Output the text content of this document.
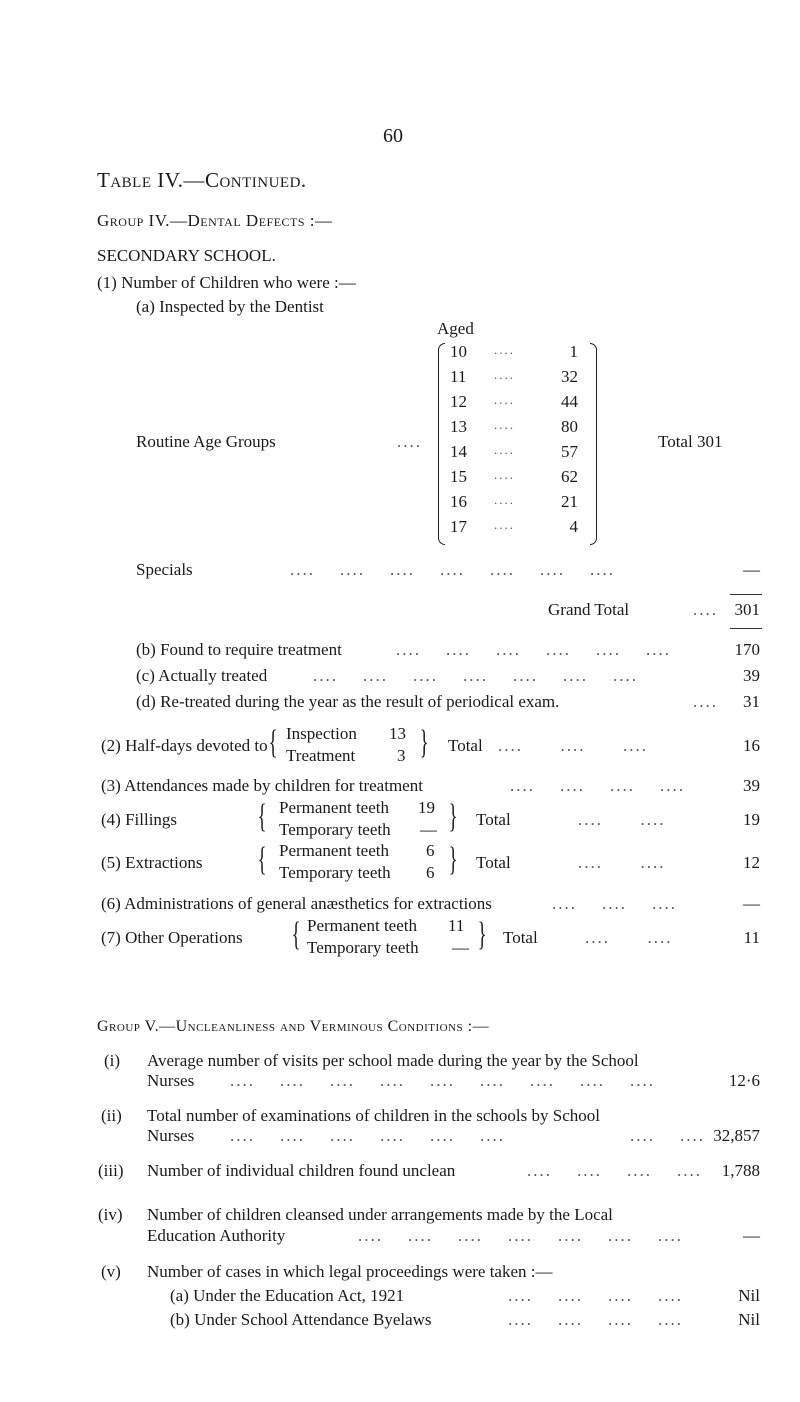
60
Table IV.—Continued.
Group IV.—Dental Defects :—
SECONDARY SCHOOL.
(1) Number of Children who were :—
(a) Inspected by the Dentist
Aged
10 ....	1
11 ....	32
12 ....	44
13 ....	80
14 ....	57
15 ....	62
16 ....	21
17 ....	4
Routine Age Groups	....	Total 301
Specials	....    ....    ....    ....    ....    ....    ....	—
Grand Total	.... 301
(b) Found to require treatment	....    ....    ....    ....    ....    ....	170
(c) Actually treated	....    ....    ....    ....    ....    ....    ....	39
(d) Re-treated during the year as the result of periodical exam.	.... 31
(2) Half-days devoted to { Inspection 13
Treatment 3 } Total ....      ....      ....	16
(3) Attendances made by children for treatment	....    ....    ....    ....	39
(4) Fillings { Permanent teeth 19
Temporary teeth — } Total	....      ....	19
(5) Extractions { Permanent teeth 6
Temporary teeth 6 } Total	....      ....	12
(6) Administrations of general anæsthetics for extractions	....    ....    ....	—
(7) Other Operations { Permanent teeth 11
Temporary teeth — } Total	....      ....	11
Group V.—Uncleanliness and Verminous Conditions :—
(i) Average number of visits per school made during the year by the School
Nurses ....    ....    ....    ....    ....    ....    ....    ....    ....	12·6
(ii) Total number of examinations of children in the schools by School
Nurses ....    ....    ....    ....    ....    ....                    ....    .... 32,857
(iii) Number of individual children found unclean	....    ....    ....    .... 1,788
(iv) Number of children cleansed under arrangements made by the Local
Education Authority	....    ....    ....    ....    ....    ....    ....	—
(v) Number of cases in which legal proceedings were taken :—
(a) Under the Education Act, 1921	....    ....    ....    ....	Nil
(b) Under School Attendance Byelaws	....    ....    ....    ....	Nil
